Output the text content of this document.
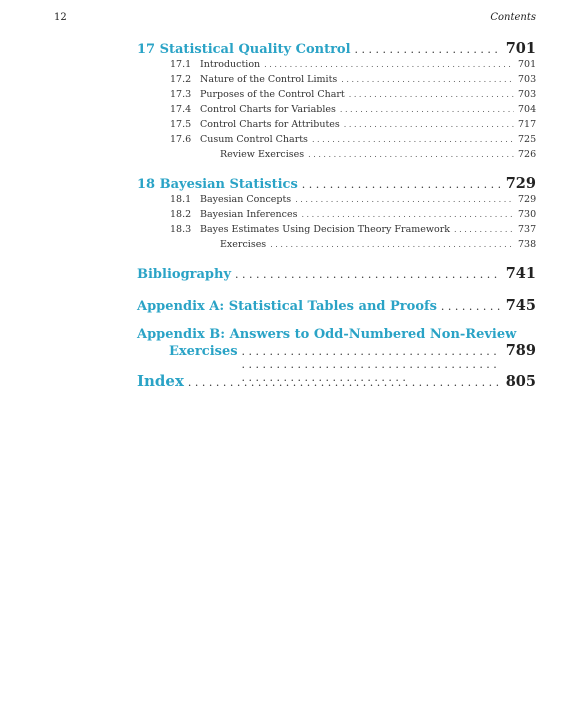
12	Contents
17 Statistical Quality Control . . .	701
17.1 Introduction . . .	701
17.2 Nature of the Control Limits . . .	703
17.3 Purposes of the Control Chart . . .	703
17.4 Control Charts for Variables . . .	704
17.5 Control Charts for Attributes . . .	717
17.6 Cusum Control Charts . . .	725
Review Exercises . . .	726
18 Bayesian Statistics . . .	729
18.1 Bayesian Concepts . . .	729
18.2 Bayesian Inferences . . .	730
18.3 Bayes Estimates Using Decision Theory Framework . . .	737
Exercises . . .	738
Bibliography . . .	741
Appendix A: Statistical Tables and Proofs . . .	745
Appendix B: Answers to Odd-Numbered Non-Review
Exercises . . .	789
Index . . .	805
